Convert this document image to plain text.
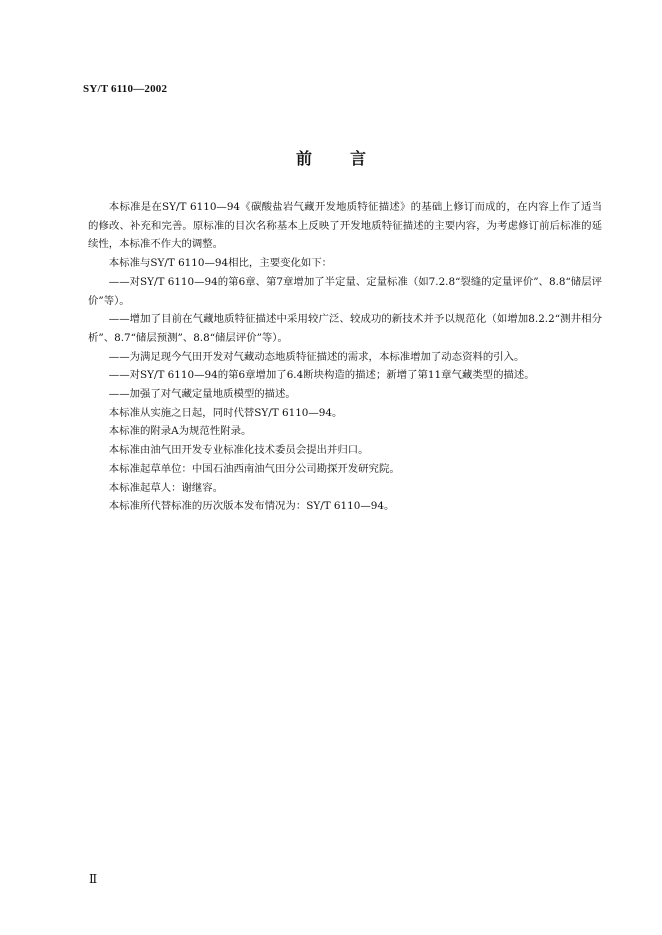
SY/T 6110—2002
前 言

本标准是在SY/T 6110—94《碳酸盐岩气藏开发地质特征描述》的基础上修订而成的，在内容上作了适当的修改、补充和完善。原标准的目次名称基本上反映了开发地质特征描述的主要内容，为考虑修订前后标准的延续性，本标准不作大的调整。

本标准与SY/T 6110—94相比，主要变化如下：

——对SY/T 6110—94的第6章、第7章增加了半定量、定量标准（如7.2.8“裂缝的定量评价”、8.8“储层评价”等）。

——增加了目前在气藏地质特征描述中采用较广泛、较成功的新技术并予以规范化（如增加8.2.2“测井相分析”、8.7“储层预测”、8.8“储层评价”等）。

——为满足现今气田开发对气藏动态地质特征描述的需求，本标准增加了动态资料的引入。

——对SY/T 6110—94的第6章增加了6.4断块构造的描述；新增了第11章气藏类型的描述。

——加强了对气藏定量地质模型的描述。

本标准从实施之日起，同时代替SY/T 6110—94。

本标准的附录A为规范性附录。

本标准由油气田开发专业标准化技术委员会提出并归口。

本标准起草单位：中国石油西南油气田分公司勘探开发研究院。

本标准起草人：谢继容。

本标准所代替标准的历次版本发布情况为：SY/T 6110—94。

Ⅱ
